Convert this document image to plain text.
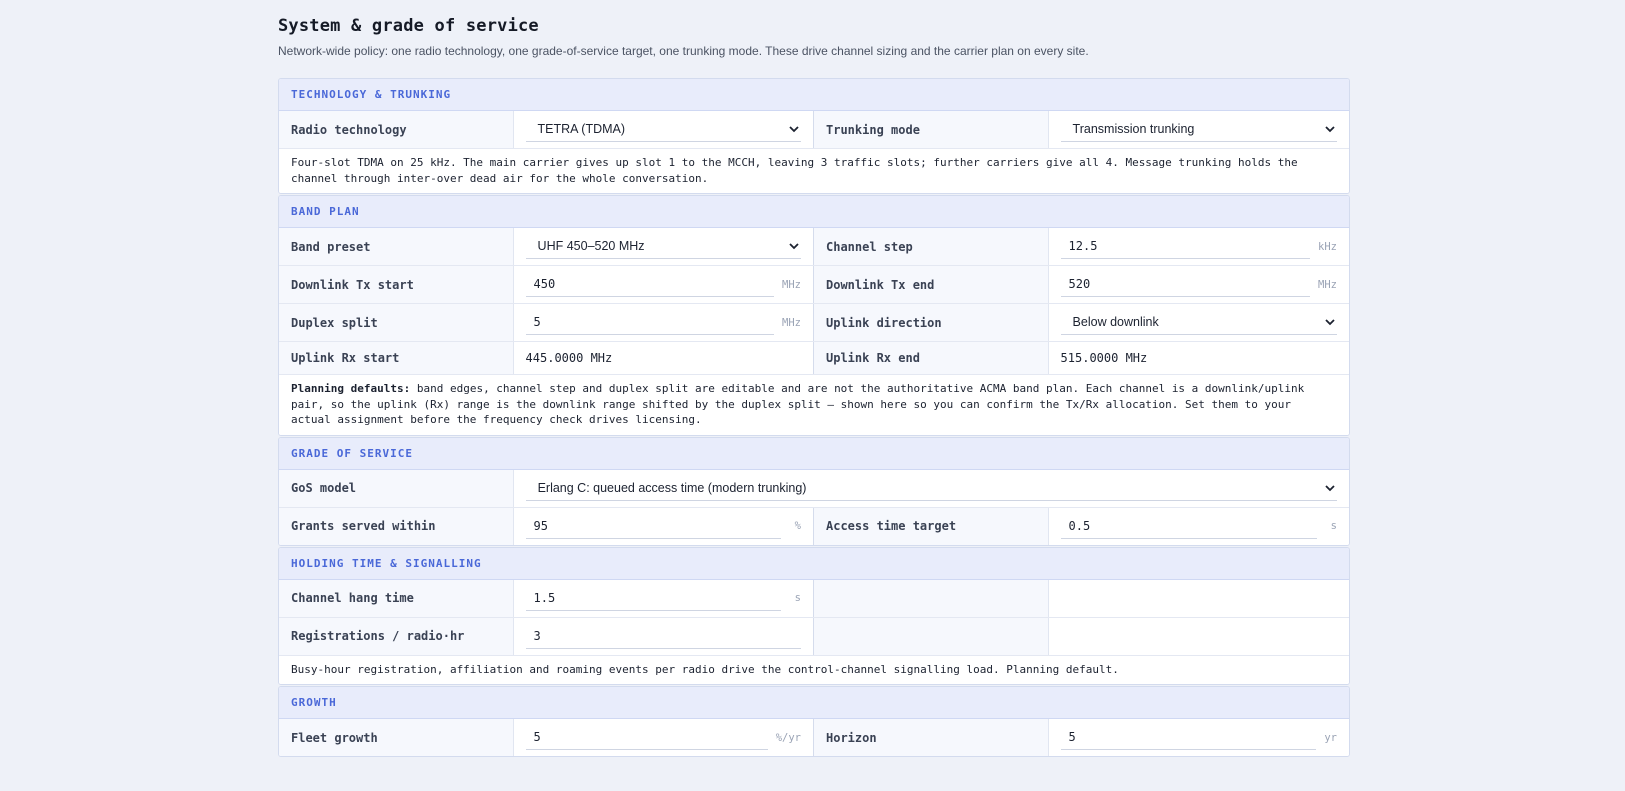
System & grade of service
Network-wide policy: one radio technology, one grade-of-service target, one trunking mode. These drive channel sizing and the carrier plan on every site.
TECHNOLOGY & TRUNKING
Radio technology	TETRA (TDMA)	Trunking mode	Transmission trunking
Four-slot TDMA on 25 kHz. The main carrier gives up slot 1 to the MCCH, leaving 3 traffic slots; further carriers give all 4. Message trunking holds the channel through inter-over dead air for the whole conversation.
BAND PLAN
Band preset	UHF 450–520 MHz	Channel step	12.5	kHz
Downlink Tx start	450	MHz	Downlink Tx end	520	MHz
Duplex split	5	MHz	Uplink direction	Below downlink
Uplink Rx start	445.0000 MHz	Uplink Rx end	515.0000 MHz
Planning defaults: band edges, channel step and duplex split are editable and are not the authoritative ACMA band plan. Each channel is a downlink/uplink pair, so the uplink (Rx) range is the downlink range shifted by the duplex split — shown here so you can confirm the Tx/Rx allocation. Set them to your actual assignment before the frequency check drives licensing.
GRADE OF SERVICE
GoS model	Erlang C: queued access time (modern trunking)
Grants served within	95	%	Access time target	0.5	s
HOLDING TIME & SIGNALLING
Channel hang time	1.5	s
Registrations / radio·hr	3
Busy-hour registration, affiliation and roaming events per radio drive the control-channel signalling load. Planning default.
GROWTH
Fleet growth	5	%/yr	Horizon	5	yr
